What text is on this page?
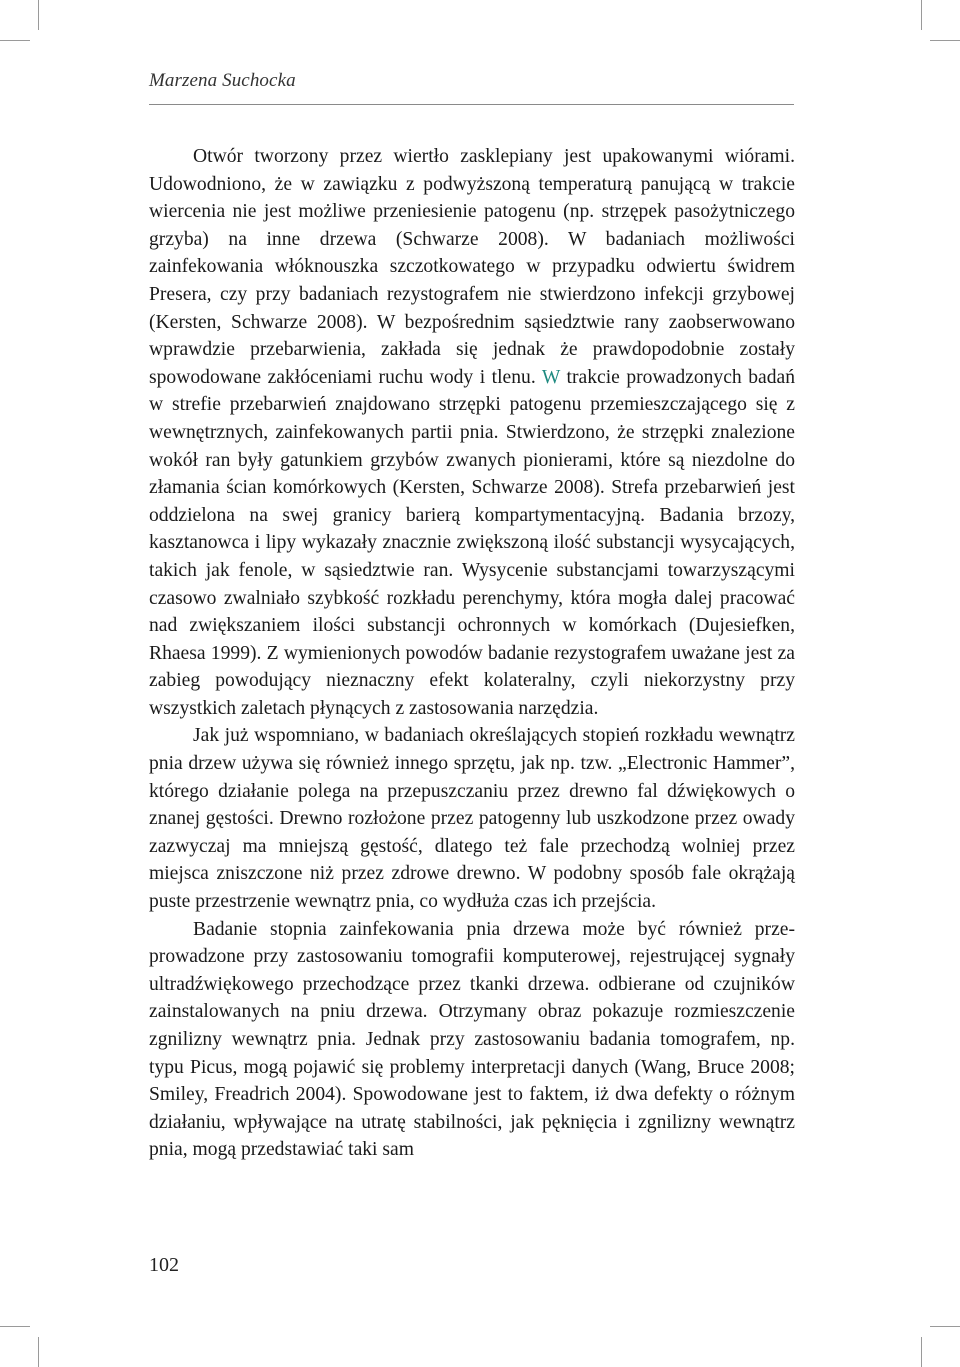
Marzena Suchocka

Otwór tworzony przez wiertło zasklepiany jest upakowanymi wiórami. Udowodniono, że w zawiązku z podwyższoną temperaturą panującą w trakcie wiercenia nie jest możliwe przeniesienie patogenu (np. strzępek pasożytniczego grzyba) na inne drzewa (Schwarze 2008). W badaniach możliwości zainfekowania włóknouszka szczotkowatego w przypadku odwiertu świdrem Presera, czy przy badaniach rezystografem nie stwierdzono infekcji grzybowej (Kersten, Schwarze 2008). W bezpośrednim sąsiedztwie rany zaobserwowano wprawdzie przebarwienia, zakłada się jednak że prawdopodobnie zostały spowodowane zakłóceniami ruchu wody i tlenu. W trakcie prowadzonych badań w strefie przebarwień znajdowano strzępki patogenu przemieszczającego się z wewnętrznych, zainfekowanych partii pnia. Stwierdzono, że strzępki znalezione wokół ran były gatunkiem grzybów zwanych pionierami, które są niezdolne do złamania ścian komórkowych (Kersten, Schwarze 2008). Strefa przebarwień jest oddzielona na swej granicy barierą kompartymentacyjną. Badania brzozy, kasztanowca i lipy wykazały znacznie zwiększoną ilość substancji wysycających, takich jak fenole, w sąsiedztwie ran. Wysycenie substancjami towarzyszącymi czasowo zwalniało szybkość rozkładu perenchymy, która mogła dalej pracować nad zwiększaniem ilości substancji ochronnych w komórkach (Dujesiefken, Rhaesa 1999). Z wymienionych powodów badanie rezystografem uważane jest za zabieg powodujący nieznaczny efekt kolateralny, czyli niekorzystny przy wszystkich zaletach płynących z zastosowania narzędzia.

Jak już wspomniano, w badaniach określających stopień rozkładu wewnątrz pnia drzew używa się również innego sprzętu, jak np. tzw. „Electronic Hammer”, którego działanie polega na przepuszczaniu przez drewno fal dźwiękowych o znanej gęstości. Drewno rozłożone przez patogenny lub uszkodzone przez owady zazwyczaj ma mniejszą gęstość, dlatego też fale przechodzą wolniej przez miejsca zniszczone niż przez zdrowe drewno. W podobny sposób fale okrążają puste przestrzenie wewnątrz pnia, co wydłuża czas ich przejścia.

Badanie stopnia zainfekowania pnia drzewa może być również przeprowadzone przy zastosowaniu tomografii komputerowej, rejestrującej sygnały ultradźwiękowego przechodzące przez tkanki drzewa. odbierane od czujników zainstalowanych na pniu drzewa. Otrzymany obraz pokazuje rozmieszczenie zgnilizny wewnątrz pnia. Jednak przy zastosowaniu badania tomografem, np. typu Picus, mogą pojawić się problemy interpretacji danych (Wang, Bruce 2008; Smiley, Freadrich 2004). Spowodowane jest to faktem, iż dwa defekty o różnym działaniu, wpływające na utratę stabilności, jak pęknięcia i zgnilizny wewnątrz pnia, mogą przedstawiać taki sam

102
